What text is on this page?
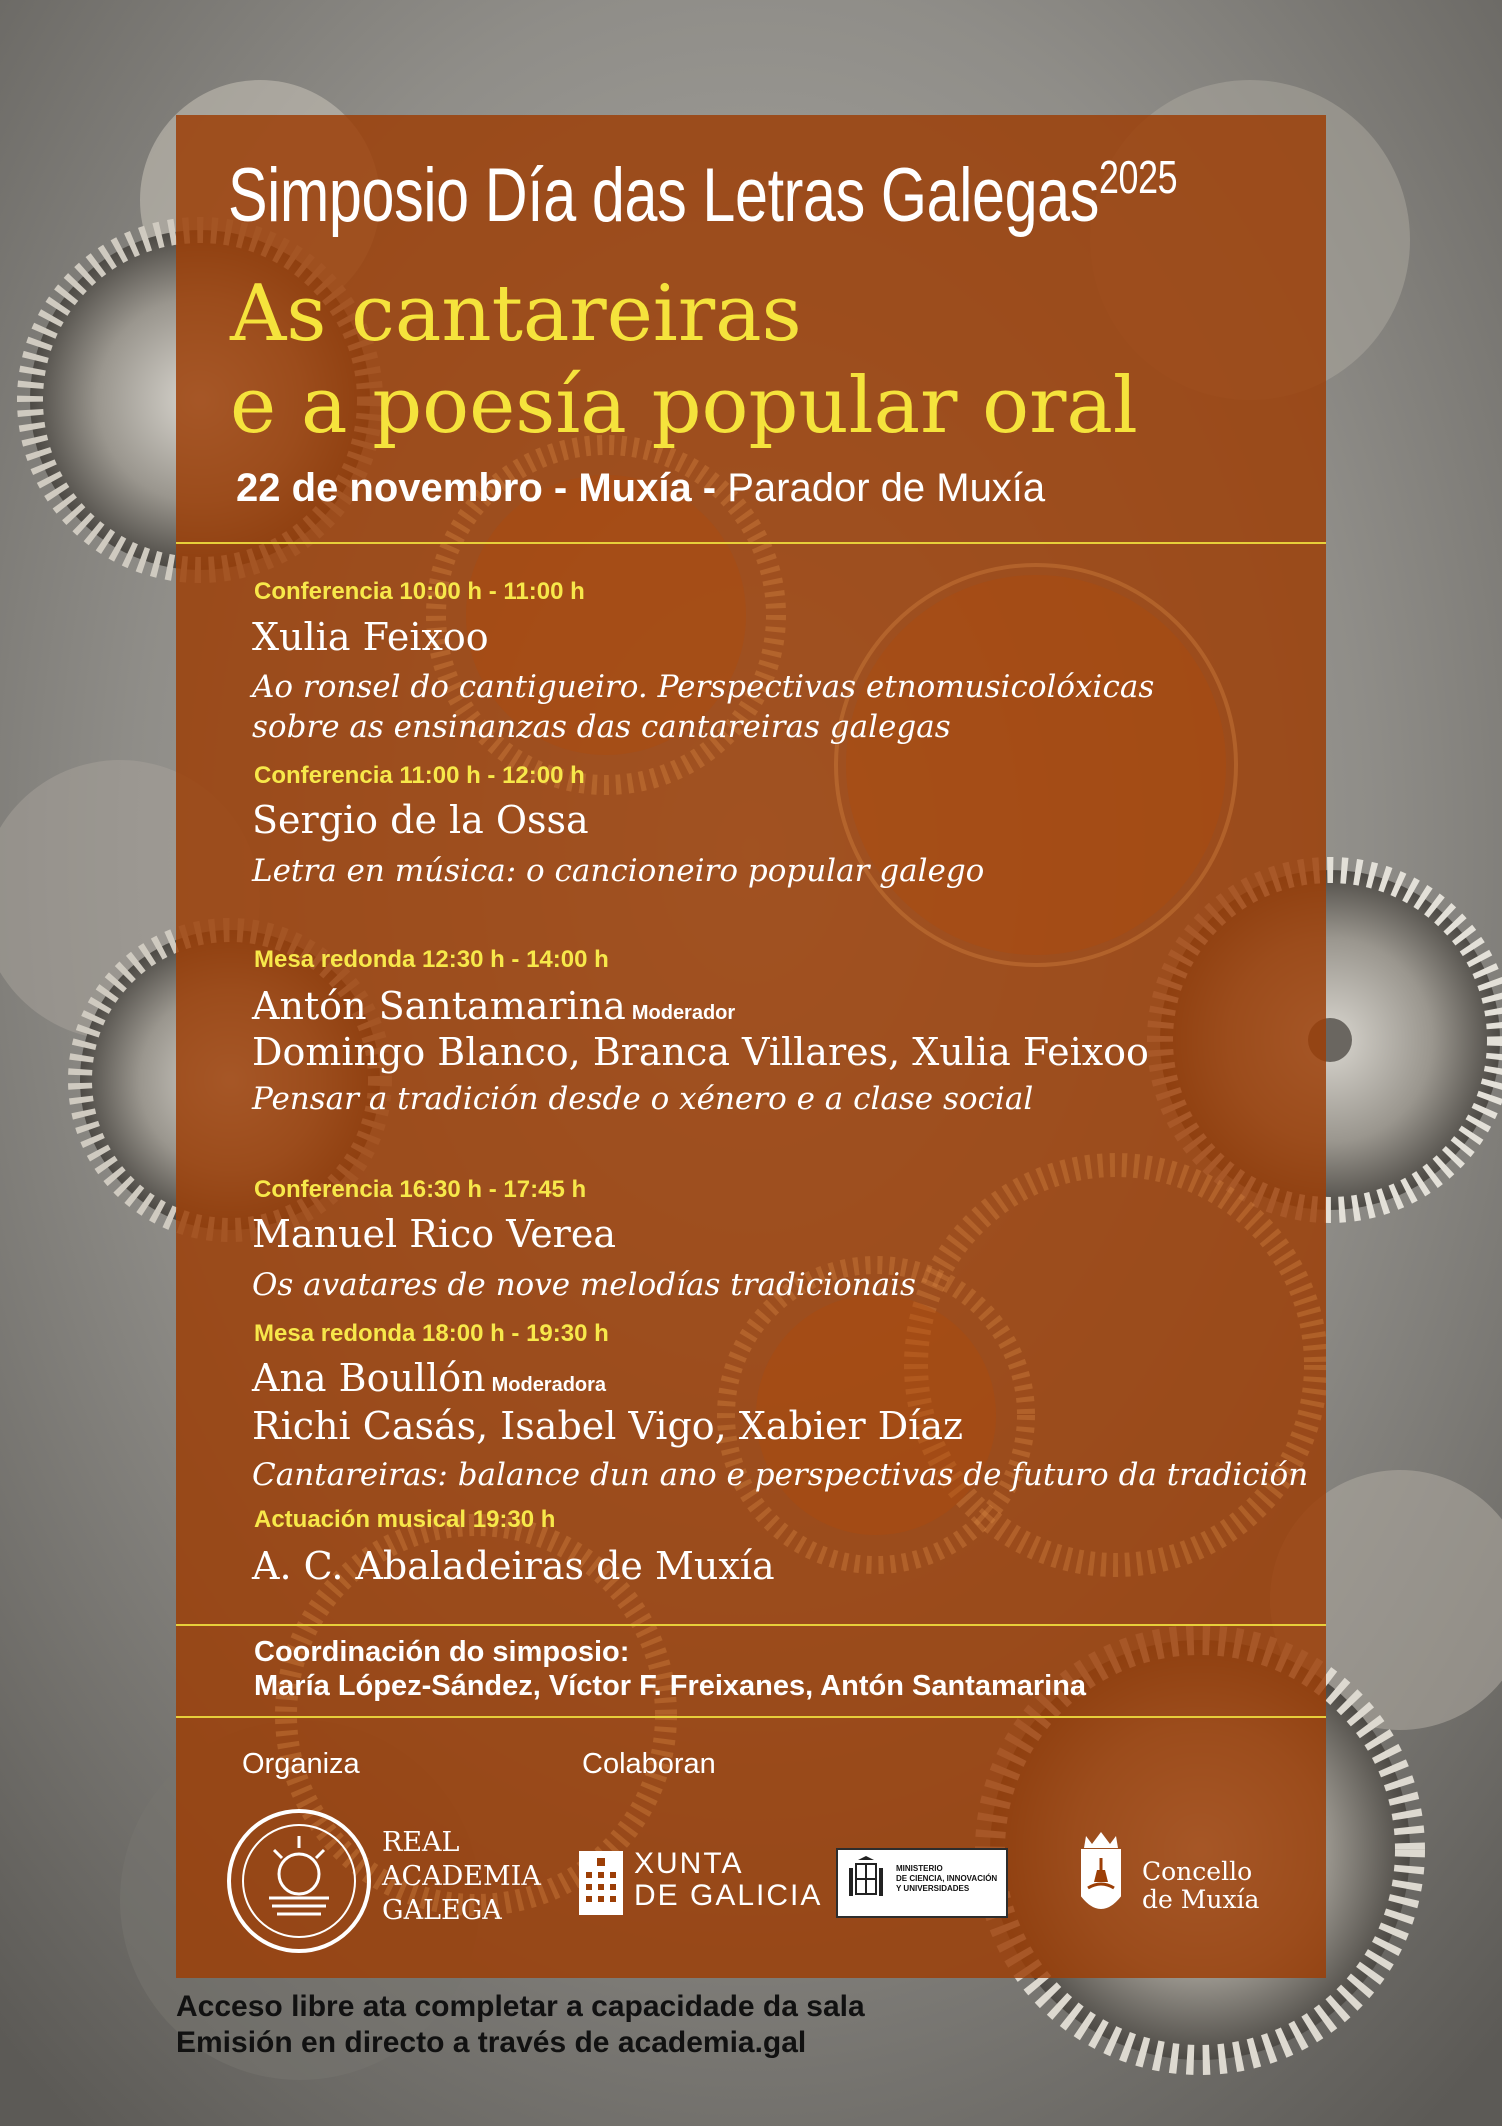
Simposio Día das Letras Galegas$^{2025}$
As cantareiras
e a poesía popular oral
22 de novembro - Muxía - Parador de Muxía
Conferencia 10:00 h - 11:00 h
Xulia Feixoo
Ao ronsel do cantigueiro. Perspectivas etnomusicolóxicas
sobre as ensinanzas das cantareiras galegas
Conferencia 11:00 h - 12:00 h
Sergio de la Ossa
Letra en música: o cancioneiro popular galego
Mesa redonda 12:30 h - 14:00 h
Antón Santamarina Moderador
Domingo Blanco, Branca Villares, Xulia Feixoo
Pensar a tradición desde o xénero e a clase social
Conferencia 16:30 h - 17:45 h
Manuel Rico Verea
Os avatares de nove melodías tradicionais
Mesa redonda 18:00 h - 19:30 h
Ana Boullón Moderadora
Richi Casás, Isabel Vigo, Xabier Díaz
Cantareiras: balance dun ano e perspectivas de futuro da tradición
Actuación musical 19:30 h
A. C. Abaladeiras de Muxía
Coordinación do simposio:
María López-Sández, Víctor F. Freixanes, Antón Santamarina
Organiza	Colaboran
REAL
ACADEMIA
GALEGA
XUNTA
DE GALICIA
MINISTERIO
DE CIENCIA, INNOVACIÓN
Y UNIVERSIDADES
Concello
de Muxía
Acceso libre ata completar a capacidade da sala
Emisión en directo a través de academia.gal
